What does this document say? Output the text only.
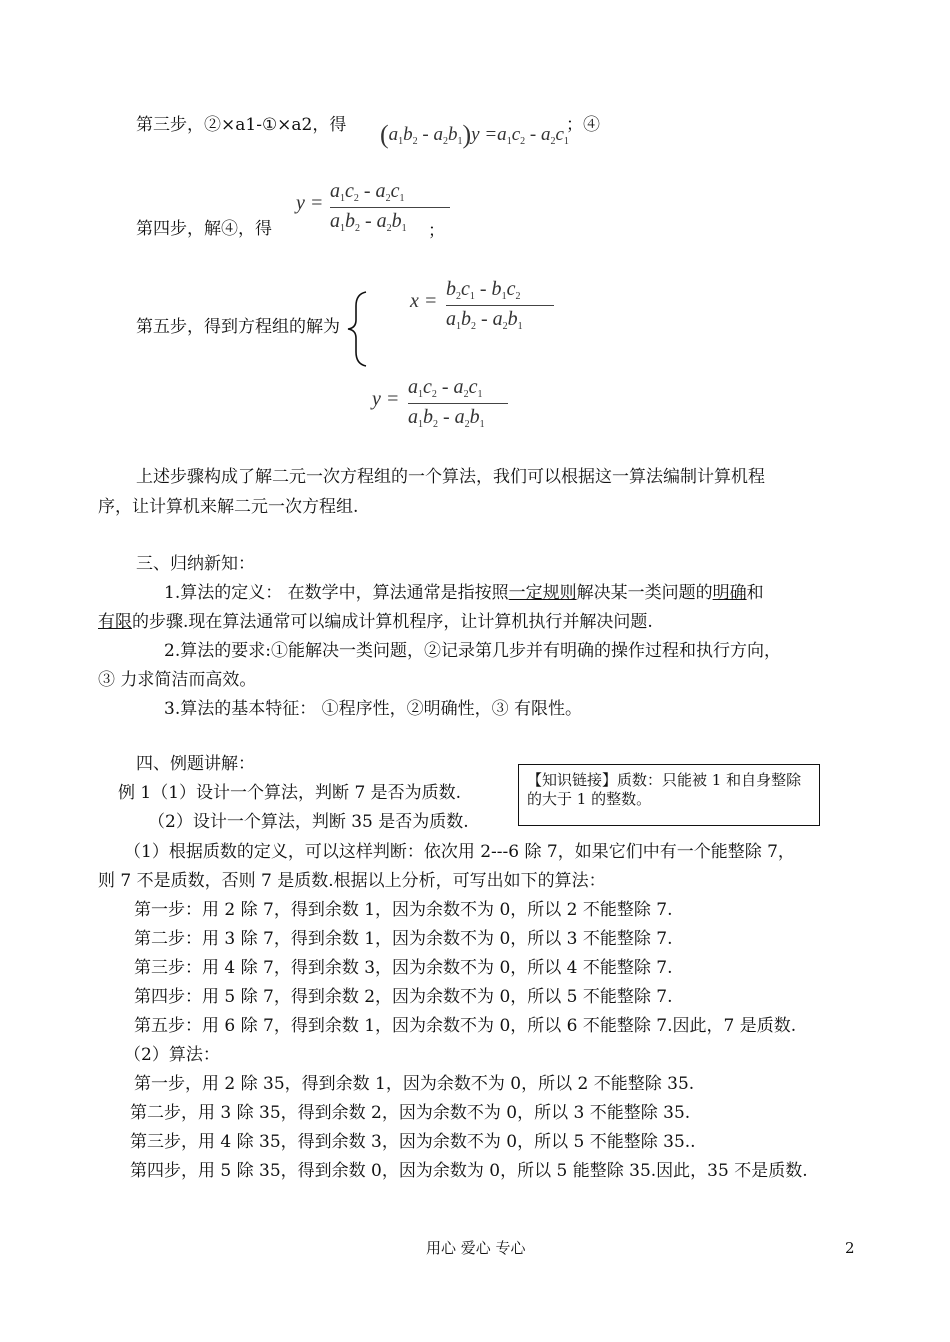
第三步，②×a1-①×a2，得 $(a_1b_2 - a_2b_1)y =a_1c_2 - a_2c_1$
；④
y =
$a_1c_2 - a_2c_1$
$a_1b_2 - a_2b_1$
第四步，解④，得	；
第五步，得到方程组的解为
x =
$b_2c_1 - b_1c_2$
$a_1b_2 - a_2b_1$
y =
$a_1c_2 - a_2c_1$
$a_1b_2 - a_2b_1$
上述步骤构成了解二元一次方程组的一个算法，我们可以根据这一算法编制计算机程
序，让计算机来解二元一次方程组.
三、归纳新知：
1.算法的定义： 在数学中，算法通常是指按照一定规则解决某一类问题的明确和
有限的步骤.现在算法通常可以编成计算机程序，让计算机执行并解决问题.
2.算法的要求:①能解决一类问题，②记录第几步并有明确的操作过程和执行方向，
③ 力求简洁而高效。
3.算法的基本特征： ①程序性，②明确性，③ 有限性。
四、例题讲解：
例 1（1）设计一个算法，判断 7 是否为质数.
（2）设计一个算法，判断 35 是否为质数.
【知识链接】质数：只能被 1 和自身整除的大于 1 的整数。
（1）根据质数的定义，可以这样判断：依次用 2---6 除 7，如果它们中有一个能整除 7，
则 7 不是质数，否则 7 是质数.根据以上分析，可写出如下的算法：
第一步：用 2 除 7，得到余数 1，因为余数不为 0，所以 2 不能整除 7.
第二步：用 3 除 7，得到余数 1，因为余数不为 0，所以 3 不能整除 7.
第三步：用 4 除 7，得到余数 3，因为余数不为 0，所以 4 不能整除 7.
第四步：用 5 除 7，得到余数 2，因为余数不为 0，所以 5 不能整除 7.
第五步：用 6 除 7，得到余数 1，因为余数不为 0，所以 6 不能整除 7.因此，7 是质数.
（2）算法：
第一步，用 2 除 35，得到余数 1，因为余数不为 0，所以 2 不能整除 35.
第二步，用 3 除 35，得到余数 2，因为余数不为 0，所以 3 不能整除 35.
第三步，用 4 除 35，得到余数 3，因为余数不为 0，所以 5 不能整除 35..
第四步，用 5 除 35，得到余数 0，因为余数为 0，所以 5 能整除 35.因此，35 不是质数.
用心 爱心 专心	2
